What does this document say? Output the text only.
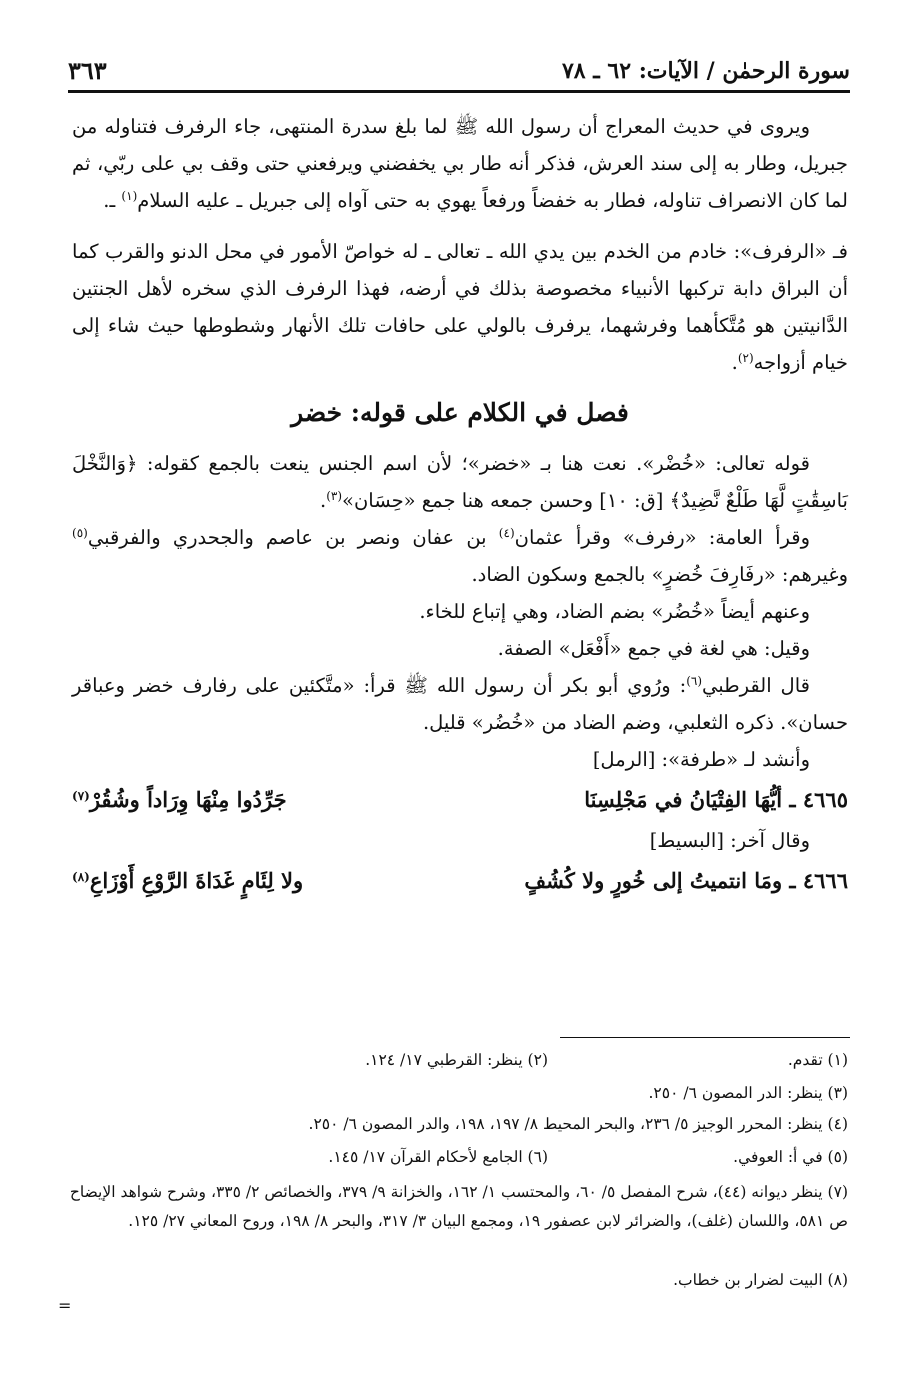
سورة الرحمٰن / الآيات: ٦٢ ـ ٧٨
٣٦٣

ويروى في حديث المعراج أن رسول الله ﷺ لما بلغ سدرة المنتهى، جاء الرفرف فتناوله من جبريل، وطار به إلى سند العرش، فذكر أنه طار بي يخفضني ويرفعني حتى وقف بي على ربّي، ثم لما كان الانصراف تناوله، فطار به خفضاً ورفعاً يهوي به حتى آواه إلى جبريل ـ عليه السلام$^{(١)}$ ـ.

فـ «الرفرف»: خادم من الخدم بين يدي الله ـ تعالى ـ له خواصّ الأمور في محل الدنو والقرب كما أن البراق دابة تركبها الأنبياء مخصوصة بذلك في أرضه، فهذا الرفرف الذي سخره لأهل الجنتين الدَّانيتين هو مُتَّكأهما وفرشهما، يرفرف بالولي على حافات تلك الأنهار وشطوطها حيث شاء إلى خيام أزواجه$^{(٢)}$.

فصل في الكلام على قوله: خضر

قوله تعالى: «خُضْر». نعت هنا بـ «خضر»؛ لأن اسم الجنس ينعت بالجمع كقوله: ﴿وَالنَّخْلَ بَاسِقَٰتٍ لَّهَا طَلْعٌ نَّضِيدٌ﴾ [ق: ١٠] وحسن جمعه هنا جمع «حِسَان»$^{(٣)}$.

وقرأ العامة: «رفرف» وقرأ عثمان$^{(٤)}$ بن عفان ونصر بن عاصم والجحدري والفرقبي$^{(٥)}$ وغيرهم: «رفَارِفَ خُضرٍ» بالجمع وسكون الضاد.

وعنهم أيضاً «خُضُر» بضم الضاد، وهي إتباع للخاء.

وقيل: هي لغة في جمع «أَفْعَل» الصفة.

قال القرطبي$^{(٦)}$: ورُوي أبو بكر أن رسول الله ﷺ قرأ: «متَّكئين على رفارف خضر وعباقر حسان». ذكره الثعلبي، وضم الضاد من «خُضُر» قليل.

وأنشد لـ «طرفة»: [الرمل]

٤٦٦٥ ـ أيُّهَا الفِتْيَانُ في مَجْلِسِنَا
جَرِّدُوا مِنْهَا وِرَاداً وشُقُرْ$^{(٧)}$

وقال آخر: [البسيط]

٤٦٦٦ ـ ومَا انتميتُ إلى خُورٍ ولا كُشُفٍ
ولا لِئَامٍ غَدَاةَ الرَّوْعِ أَوْزَاعِ$^{(٨)}$
(١) تقدم.
(٢) ينظر: القرطبي ١٧/ ١٢٤.
(٣) ينظر: الدر المصون ٦/ ٢٥٠.
(٤) ينظر: المحرر الوجيز ٥/ ٢٣٦، والبحر المحيط ٨/ ١٩٧، ١٩٨، والدر المصون ٦/ ٢٥٠.
(٥) في أ: العوفي.
(٦) الجامع لأحكام القرآن ١٧/ ١٤٥.
(٧) ينظر ديوانه (٤٤)، شرح المفصل ٥/ ٦٠، والمحتسب ١/ ١٦٢، والخزانة ٩/ ٣٧٩، والخصائص ٢/ ٣٣٥، وشرح شواهد الإيضاح ص ٥٨١، واللسان (غلف)، والضرائر لابن عصفور ١٩، ومجمع البيان ٣/ ٣١٧، والبحر ٨/ ١٩٨، وروح المعاني ٢٧/ ١٢٥.
(٨) البيت لضرار بن خطاب.
=
